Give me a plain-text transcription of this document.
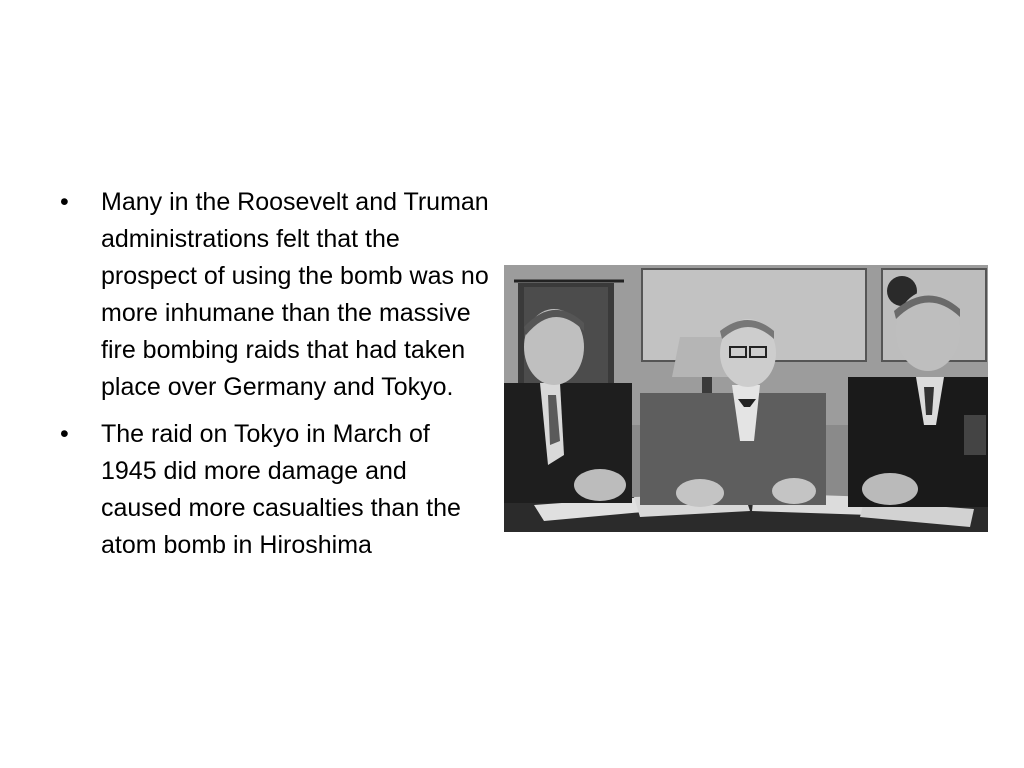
•	Many in the Roosevelt and Truman administrations felt that the prospect of using the bomb was no more inhumane than the massive fire bombing raids that had taken place over Germany and Tokyo.
•	The raid on Tokyo in March of 1945 did more damage and caused more casualties than the atom bomb in Hiroshima
